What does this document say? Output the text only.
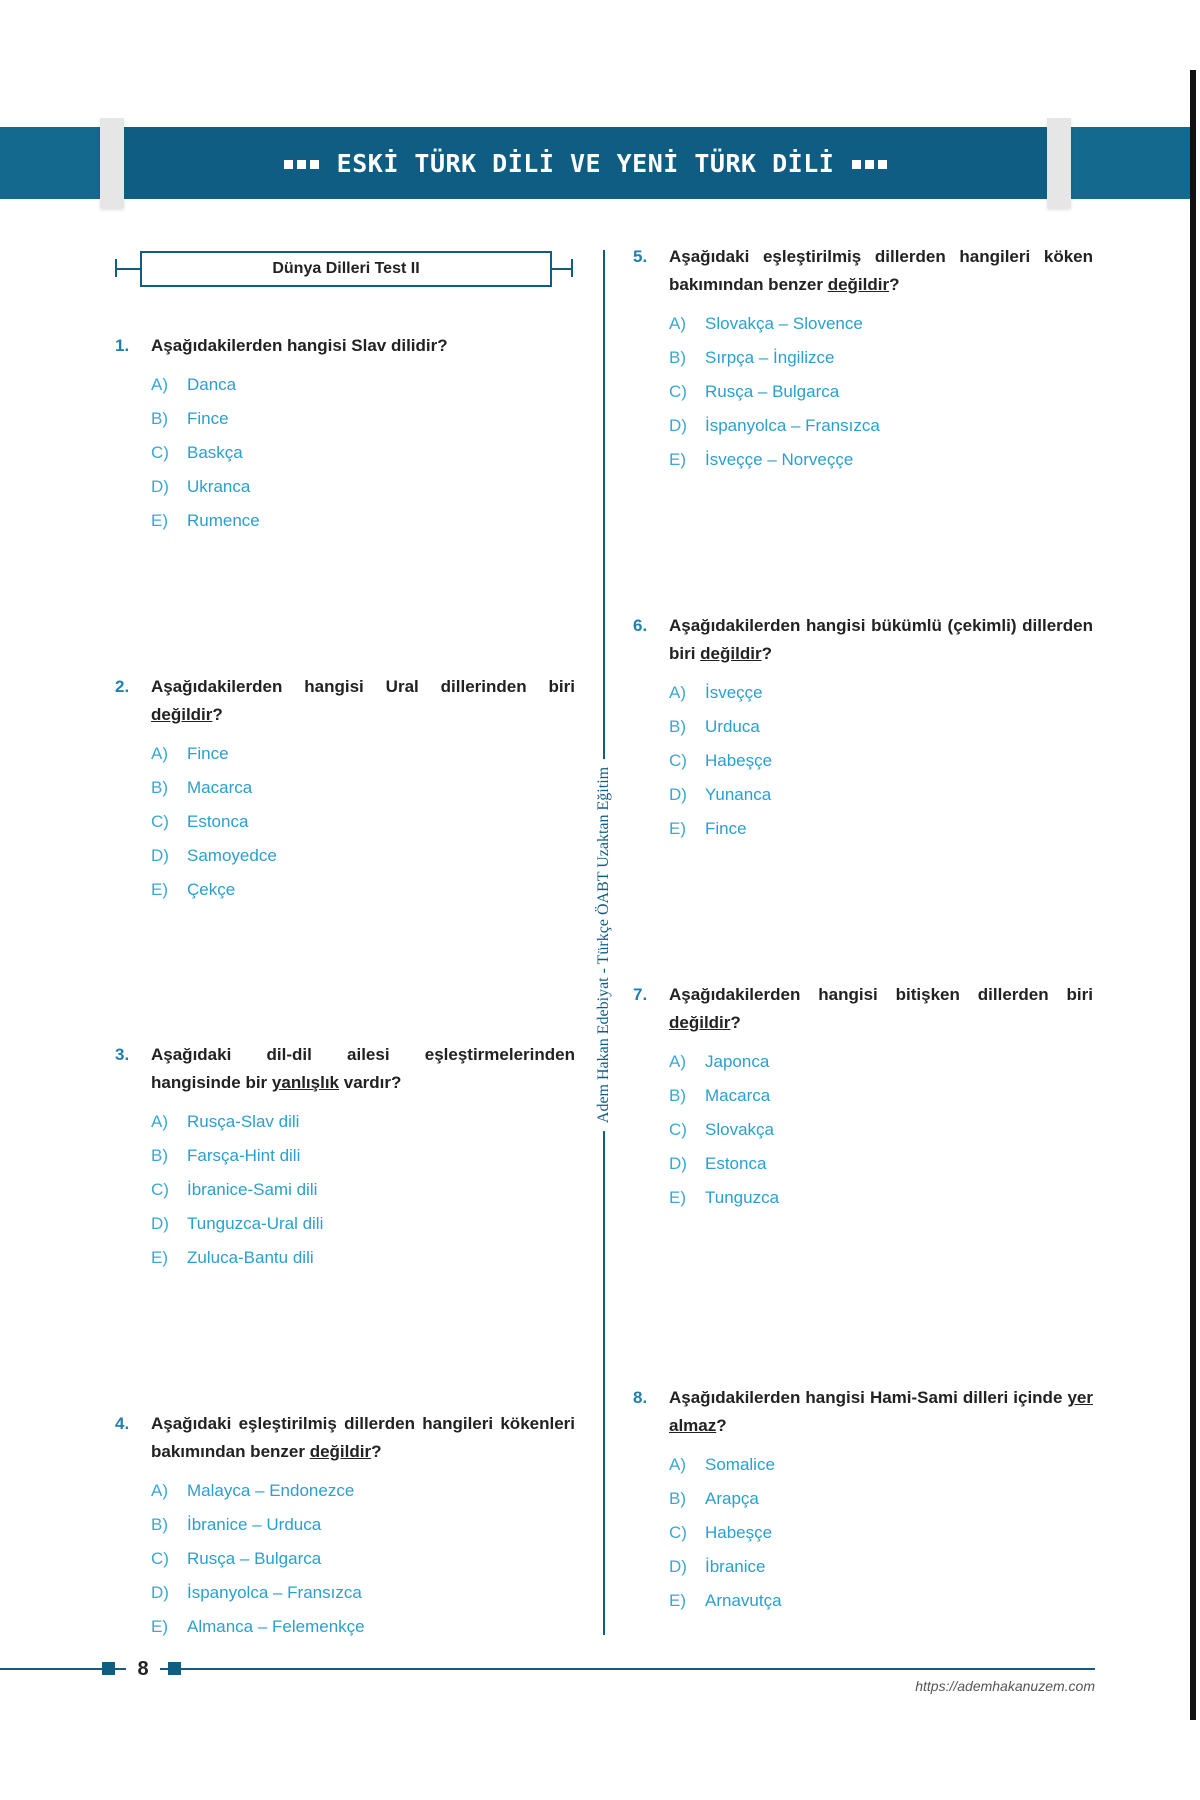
ESKİ TÜRK DİLİ VE YENİ TÜRK DİLİ
Dünya Dilleri Test II
Adem Hakan Edebiyat - Türkçe ÖABT Uzaktan Eğitim
1. Aşağıdakilerden hangisi Slav dilidir?
A)	Danca
B)	Fince
C)	Baskça
D)	Ukranca
E)	Rumence
2. Aşağıdakilerden hangisi Ural dillerinden biri değildir?
A)	Fince
B)	Macarca
C)	Estonca
D)	Samoyedce
E)	Çekçe
3. Aşağıdaki dil-dil ailesi eşleştirmelerinden hangisinde bir yanlışlık vardır?
A)	Rusça-Slav dili
B)	Farsça-Hint dili
C)	İbranice-Sami dili
D)	Tunguzca-Ural dili
E)	Zuluca-Bantu dili
4. Aşağıdaki eşleştirilmiş dillerden hangileri kökenleri bakımından benzer değildir?
A)	Malayca – Endonezce
B)	İbranice – Urduca
C)	Rusça – Bulgarca
D)	İspanyolca – Fransızca
E)	Almanca – Felemenkçe
5. Aşağıdaki eşleştirilmiş dillerden hangileri köken bakımından benzer değildir?
A)	Slovakça – Slovence
B)	Sırpça – İngilizce
C)	Rusça – Bulgarca
D)	İspanyolca – Fransızca
E)	İsveççe – Norveççe
6. Aşağıdakilerden hangisi bükümlü (çekimli) dillerden biri değildir?
A)	İsveççe
B)	Urduca
C)	Habeşçe
D)	Yunanca
E)	Fince
7. Aşağıdakilerden hangisi bitişken dillerden biri değildir?
A)	Japonca
B)	Macarca
C)	Slovakça
D)	Estonca
E)	Tunguzca
8. Aşağıdakilerden hangisi Hami-Sami dilleri içinde yer almaz?
A)	Somalice
B)	Arapça
C)	Habeşçe
D)	İbranice
E)	Arnavutça
8
https://ademhakanuzem.com
